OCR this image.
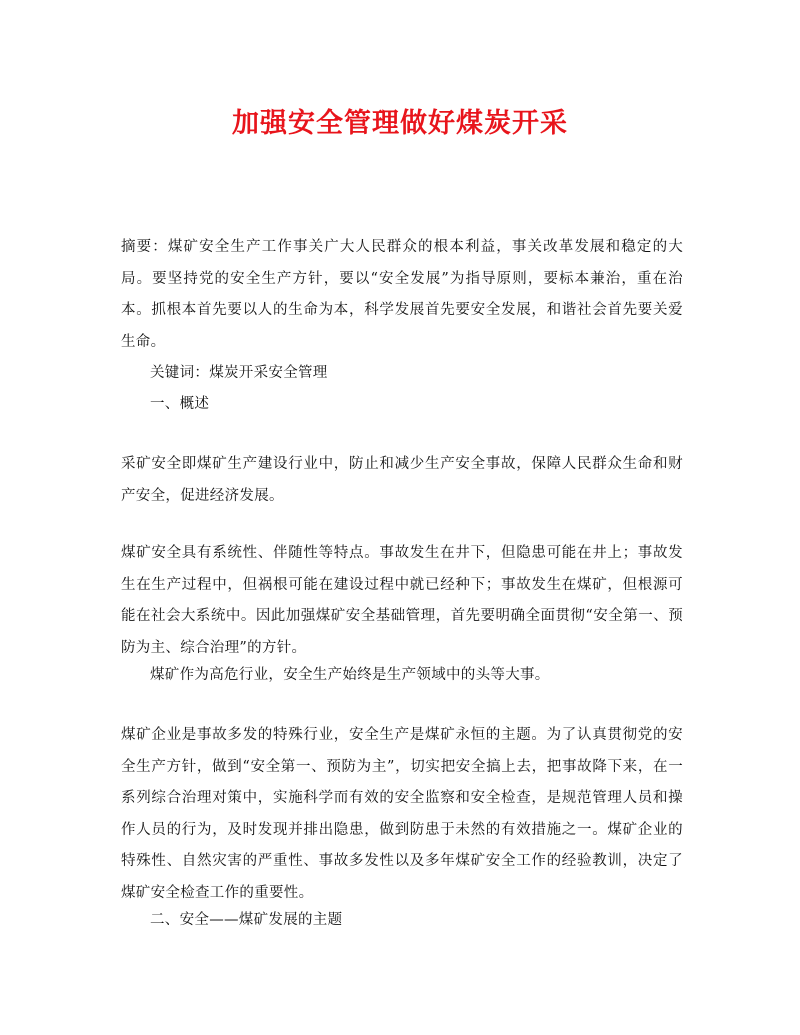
加强安全管理做好煤炭开采
摘要：煤矿安全生产工作事关广大人民群众的根本利益，事关改革发展和稳定的大局。要坚持党的安全生产方针，要以“安全发展”为指导原则，要标本兼治，重在治本。抓根本首先要以人的生命为本，科学发展首先要安全发展，和谐社会首先要关爱生命。
关键词：煤炭开采安全管理
一、概述
采矿安全即煤矿生产建设行业中，防止和减少生产安全事故，保障人民群众生命和财产安全，促进经济发展。
煤矿安全具有系统性、伴随性等特点。事故发生在井下，但隐患可能在井上；事故发生在生产过程中，但祸根可能在建设过程中就已经种下；事故发生在煤矿，但根源可能在社会大系统中。因此加强煤矿安全基础管理，首先要明确全面贯彻“安全第一、预防为主、综合治理”的方针。
煤矿作为高危行业，安全生产始终是生产领域中的头等大事。
煤矿企业是事故多发的特殊行业，安全生产是煤矿永恒的主题。为了认真贯彻党的安全生产方针，做到“安全第一、预防为主”，切实把安全搞上去，把事故降下来，在一系列综合治理对策中，实施科学而有效的安全监察和安全检查，是规范管理人员和操作人员的行为，及时发现并排出隐患，做到防患于未然的有效措施之一。煤矿企业的特殊性、自然灾害的严重性、事故多发性以及多年煤矿安全工作的经验教训，决定了煤矿安全检查工作的重要性。
二、安全——煤矿发展的主题
